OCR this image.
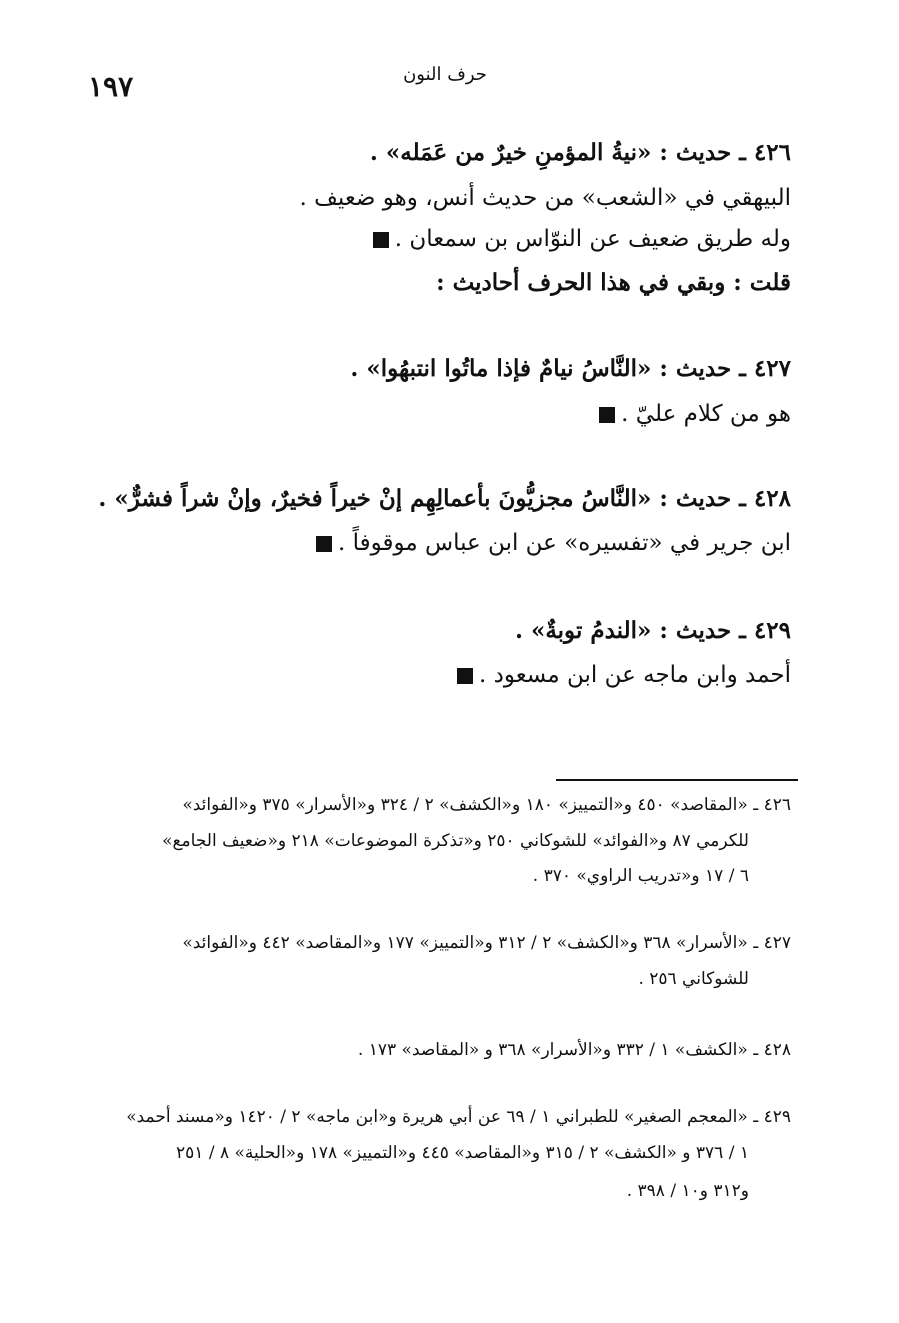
١٩٧	حرف النون
٤٢٦ ـ حديث : «نيةُ المؤمنِ خيرٌ من عَمَله» .
البيهقي في «الشعب» من حديث أنس، وهو ضعيف .
وله طريق ضعيف عن النوّاس بن سمعان .
قلت : وبقي في هذا الحرف أحاديث :
٤٢٧ ـ حديث : «النَّاسُ نيامٌ فإذا ماتُوا انتبهُوا» .
هو من كلام عليّ .
٤٢٨ ـ حديث : «النَّاسُ مجزيُّونَ بأعمالِهِم إنْ خيراً فخيرٌ، وإنْ شراً فشرٌّ» .
ابن جرير في «تفسيره» عن ابن عباس موقوفاً .
٤٢٩ ـ حديث : «الندمُ توبةٌ» .
أحمد وابن ماجه عن ابن مسعود .
٤٢٦ ـ «المقاصد» ٤٥٠ و«التمييز» ١٨٠ و«الكشف» ٢ / ٣٢٤ و«الأسرار» ٣٧٥ و«الفوائد»
للكرمي ٨٧ و«الفوائد» للشوكاني ٢٥٠ و«تذكرة الموضوعات» ٢١٨ و«ضعيف الجامع»
٦ / ١٧ و«تدريب الراوي» ٣٧٠ .
٤٢٧ ـ «الأسرار» ٣٦٨ و«الكشف» ٢ / ٣١٢ و«التمييز» ١٧٧ و«المقاصد» ٤٤٢ و«الفوائد»
للشوكاني ٢٥٦ .
٤٢٨ ـ «الكشف» ١ / ٣٣٢ و«الأسرار» ٣٦٨ و «المقاصد» ١٧٣ .
٤٢٩ ـ «المعجم الصغير» للطبراني ١ / ٦٩ عن أبي هريرة و«ابن ماجه» ٢ / ١٤٢٠ و«مسند أحمد»
١ / ٣٧٦ و «الكشف» ٢ / ٣١٥ و«المقاصد» ٤٤٥ و«التمييز» ١٧٨ و«الحلية» ٨ / ٢٥١
و٣١٢ و١٠ / ٣٩٨ .
